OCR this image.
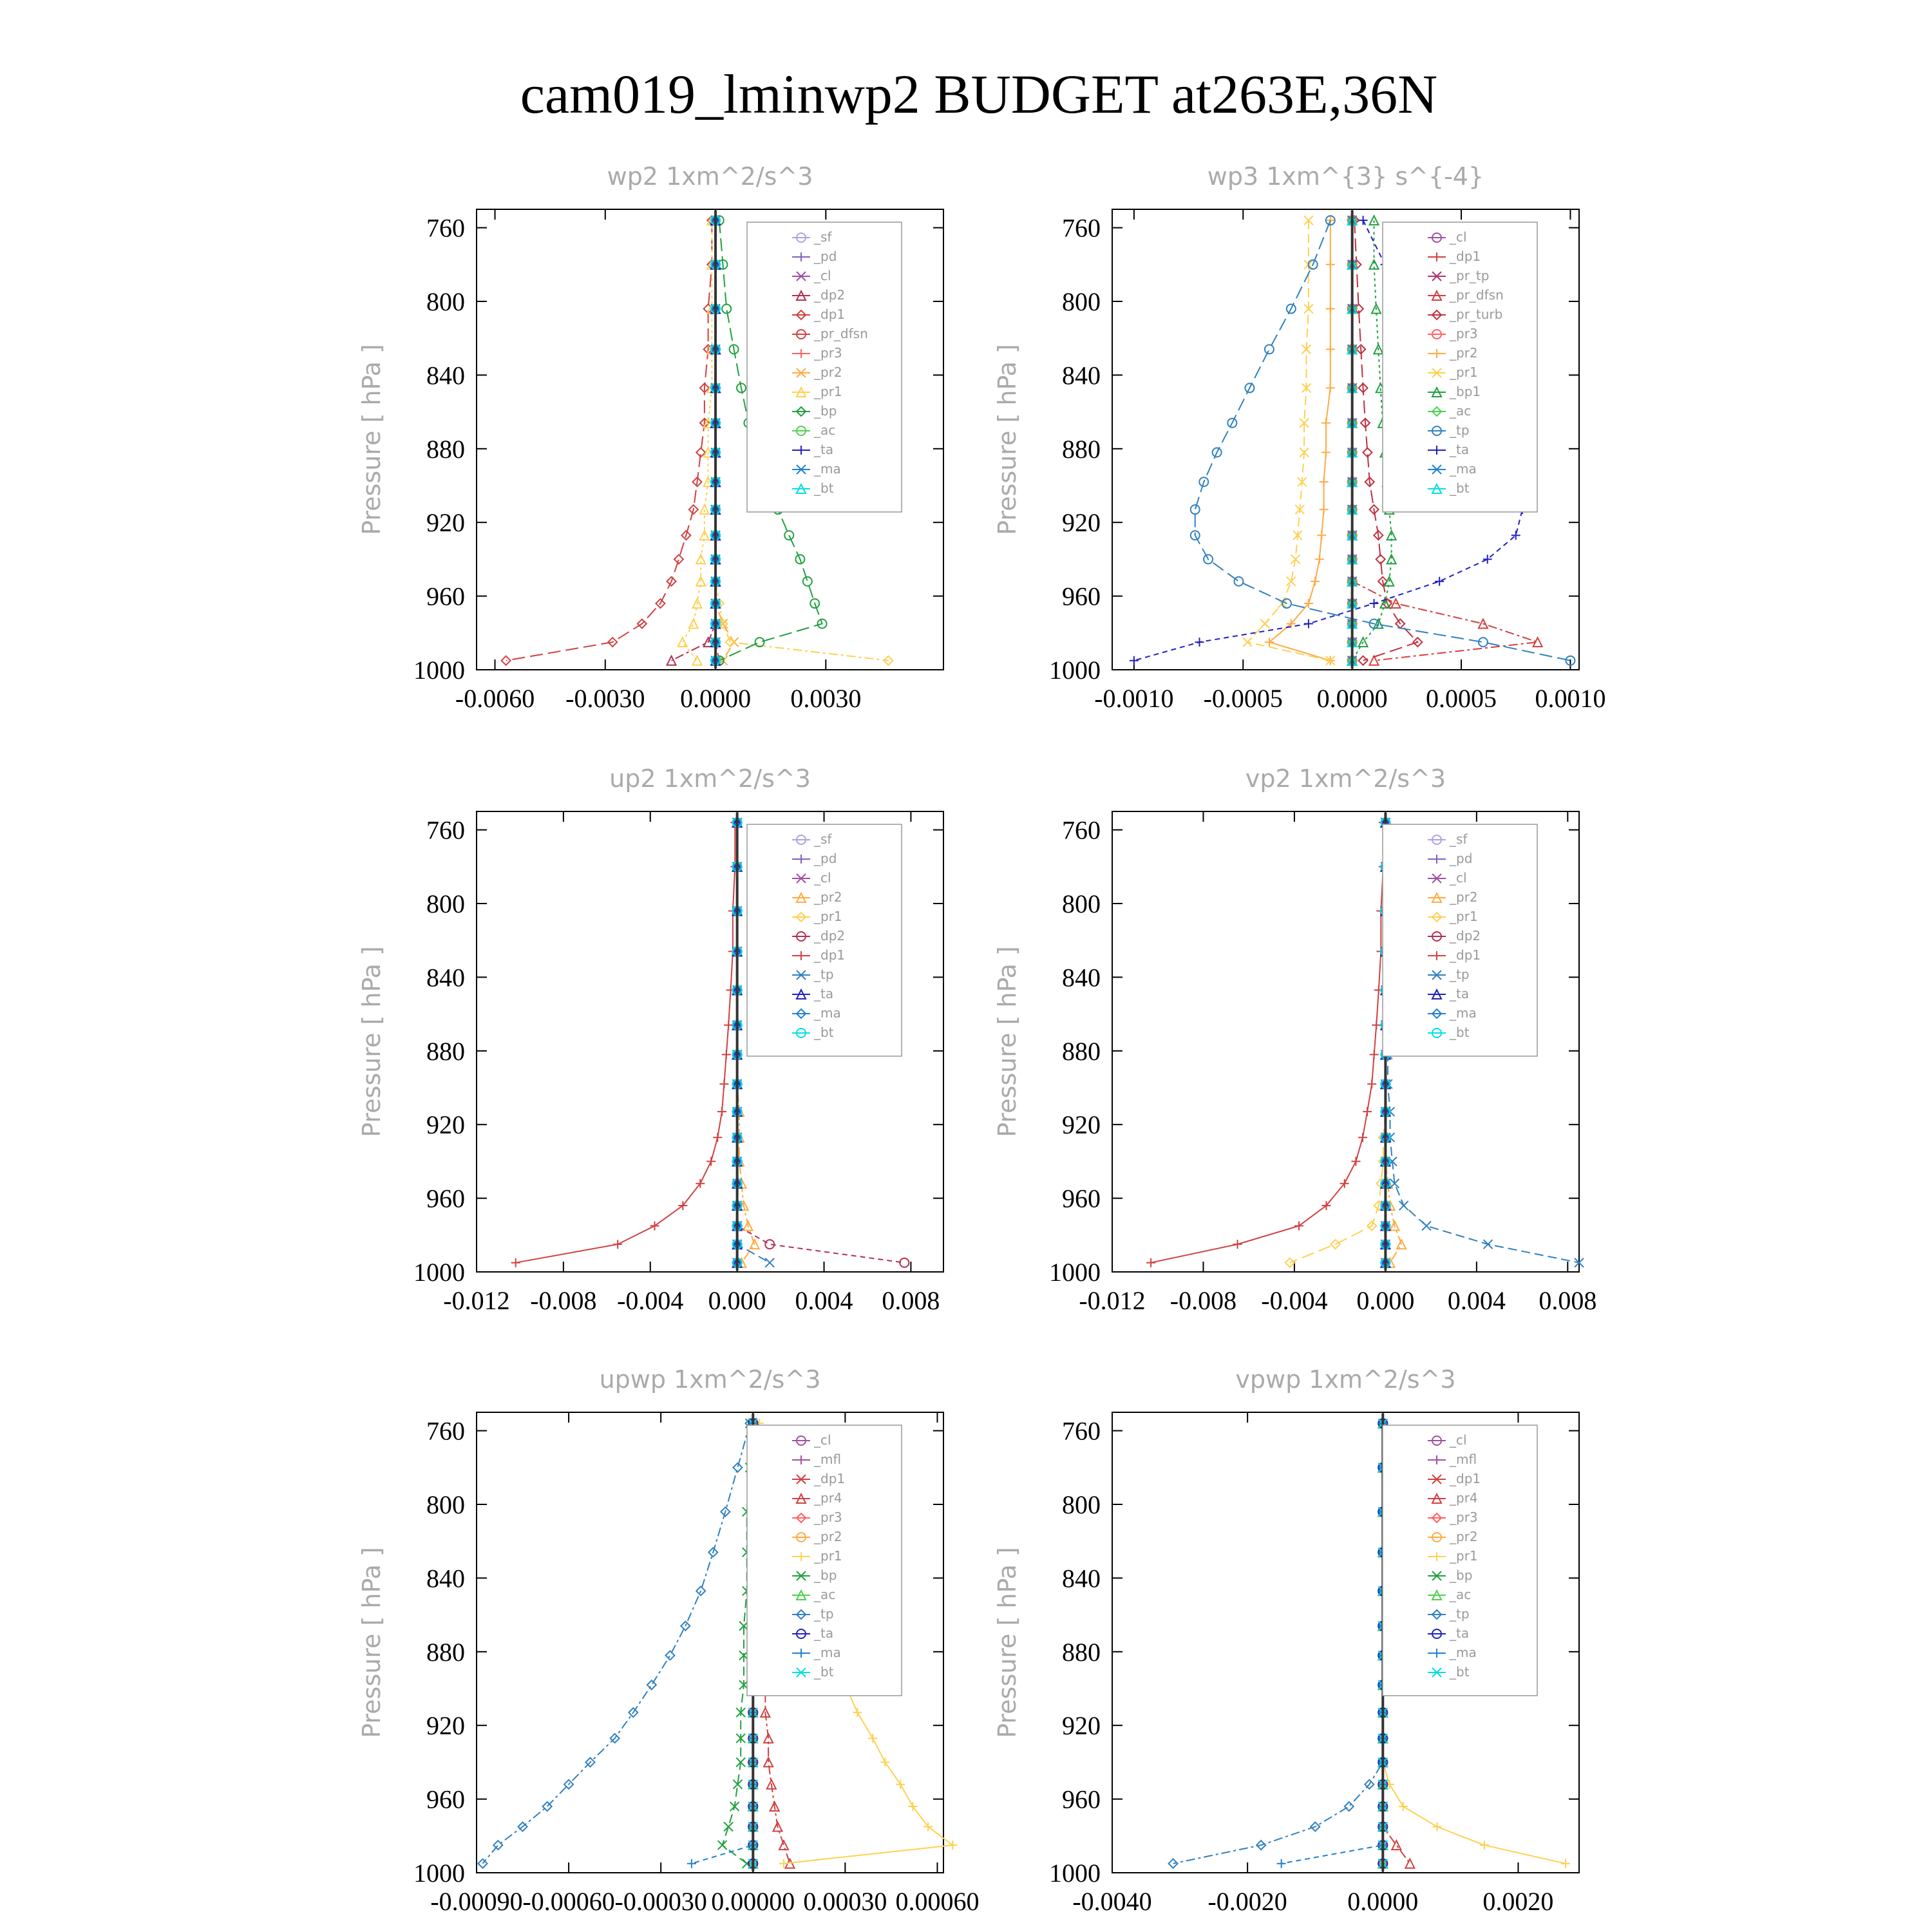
cam019_lminwp2 BUDGET at263E,36N
wp2 1xm^2/s^3
Pressure [ hPa ]
760
800
840
880
920
960
1000
-0.0060 -0.0030 0.0000 0.0030
_sf
_pd
_cl
_dp2
_dp1
_pr_dfsn
_pr3
_pr2
_pr1
_bp
_ac
_ta
_ma
_bt
wp3 1xm^{3} s^{-4}
Pressure [ hPa ]
760
800
840
880
920
960
1000
-0.0010 -0.0005 0.0000 0.0005 0.0010
_cl
_dp1
_pr_tp
_pr_dfsn
_pr_turb
_pr3
_pr2
_pr1
_bp1
_ac
_tp
_ta
_ma
_bt
up2 1xm^2/s^3
Pressure [ hPa ]
760
800
840
880
920
960
1000
-0.012 -0.008 -0.004 0.000 0.004 0.008
_sf
_pd
_cl
_pr2
_pr1
_dp2
_dp1
_tp
_ta
_ma
_bt
vp2 1xm^2/s^3
Pressure [ hPa ]
760
800
840
880
920
960
1000
-0.012 -0.008 -0.004 0.000 0.004 0.008
_sf
_pd
_cl
_pr2
_pr1
_dp2
_dp1
_tp
_ta
_ma
_bt
upwp 1xm^2/s^3
Pressure [ hPa ]
760
800
840
880
920
960
1000
-0.00090 -0.00060 -0.00030 0.00000 0.00030 0.00060
_cl
_mfl
_dp1
_pr4
_pr3
_pr2
_pr1
_bp
_ac
_tp
_ta
_ma
_bt
vpwp 1xm^2/s^3
Pressure [ hPa ]
760
800
840
880
920
960
1000
-0.0040 -0.0020 0.0000	0.0020
_cl
_mfl
_dp1
_pr4
_pr3
_pr2
_pr1
_bp
_ac
_tp
_ta
_ma
_bt
